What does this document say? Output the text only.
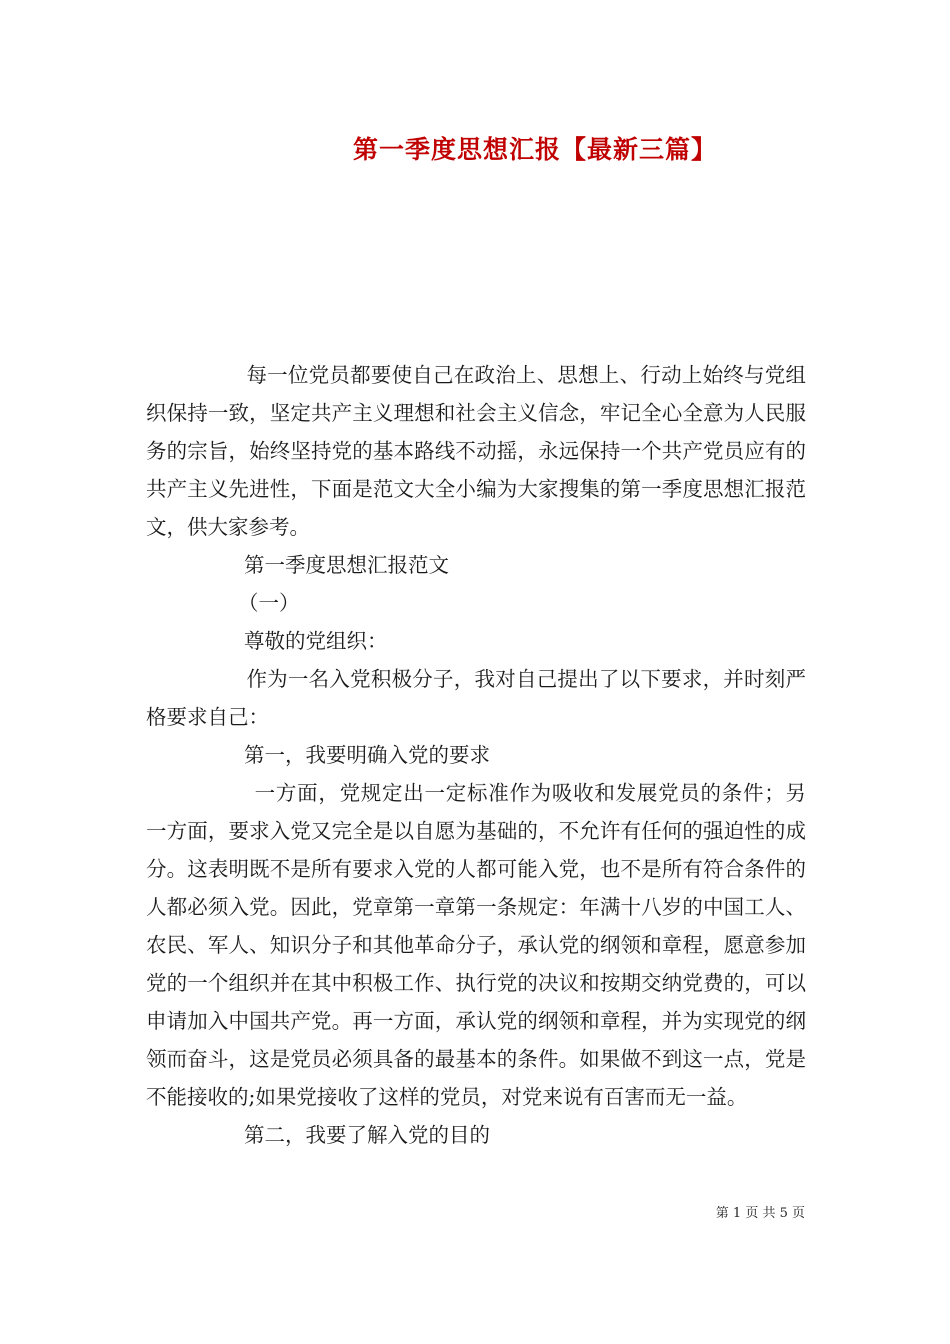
第一季度思想汇报【最新三篇】

每一位党员都要使自己在政治上、思想上、行动上始终与党组织保持一致，坚定共产主义理想和社会主义信念，牢记全心全意为人民服务的宗旨，始终坚持党的基本路线不动摇，永远保持一个共产党员应有的共产主义先进性，下面是范文大全小编为大家搜集的第一季度思想汇报范文，供大家参考。

第一季度思想汇报范文

（一）

尊敬的党组织：

作为一名入党积极分子，我对自己提出了以下要求，并时刻严格要求自己：

第一，我要明确入党的要求

一方面，党规定出一定标准作为吸收和发展党员的条件；另一方面，要求入党又完全是以自愿为基础的，不允许有任何的强迫性的成分。这表明既不是所有要求入党的人都可能入党，也不是所有符合条件的人都必须入党。因此，党章第一章第一条规定：年满十八岁的中国工人、农民、军人、知识分子和其他革命分子，承认党的纲领和章程，愿意参加党的一个组织并在其中积极工作、执行党的决议和按期交纳党费的，可以申请加入中国共产党。再一方面，承认党的纲领和章程，并为实现党的纲领而奋斗，这是党员必须具备的最基本的条件。如果做不到这一点，党是不能接收的;如果党接收了这样的党员，对党来说有百害而无一益。

第二，我要了解入党的目的

第 1 页 共 5 页
